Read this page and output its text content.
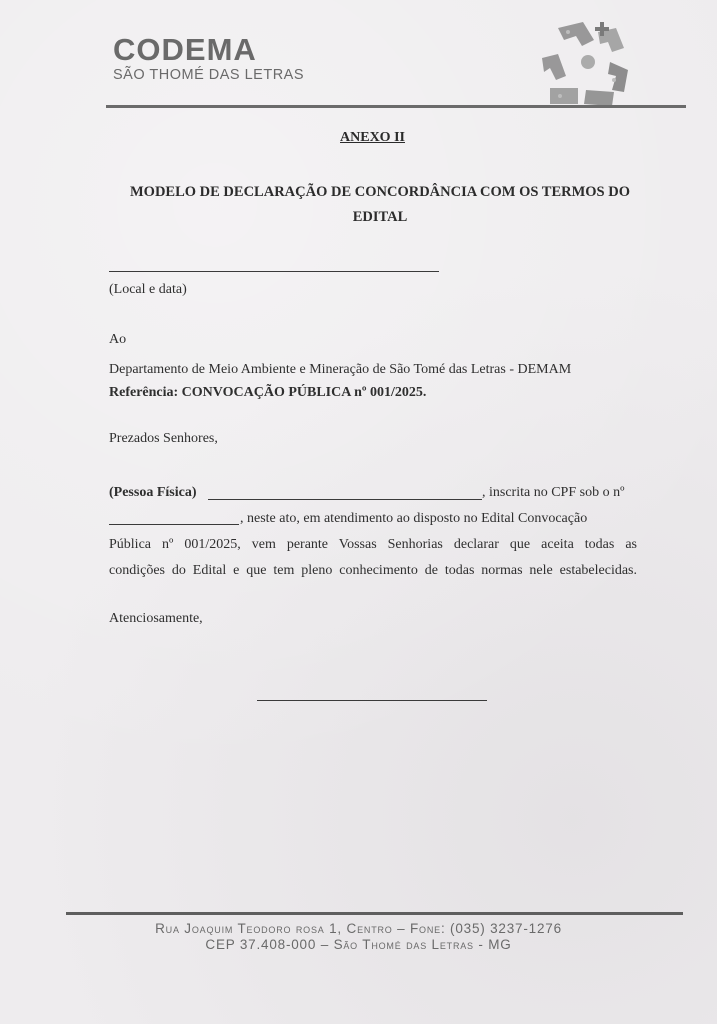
CODEMA
SÃO THOMÉ DAS LETRAS
ANEXO II
MODELO DE DECLARAÇÃO DE CONCORDÂNCIA COM OS TERMOS DO
EDITAL
(Local e data)
Ao
Departamento de Meio Ambiente e Mineração de São Tomé das Letras - DEMAM
Referência: CONVOCAÇÃO PÚBLICA nº 001/2025.
Prezados Senhores,
(Pessoa Física)	, inscrita no CPF sob o nº
, neste ato, em atendimento ao disposto no Edital Convocação
Pública nº 001/2025, vem perante Vossas Senhorias declarar que aceita todas as
condições do Edital e que tem pleno conhecimento de todas normas nele estabelecidas.
Atenciosamente,
Rua Joaquim Teodoro rosa 1, Centro – Fone: (035) 3237-1276
CEP 37.408-000 – São Thomé das Letras - MG
